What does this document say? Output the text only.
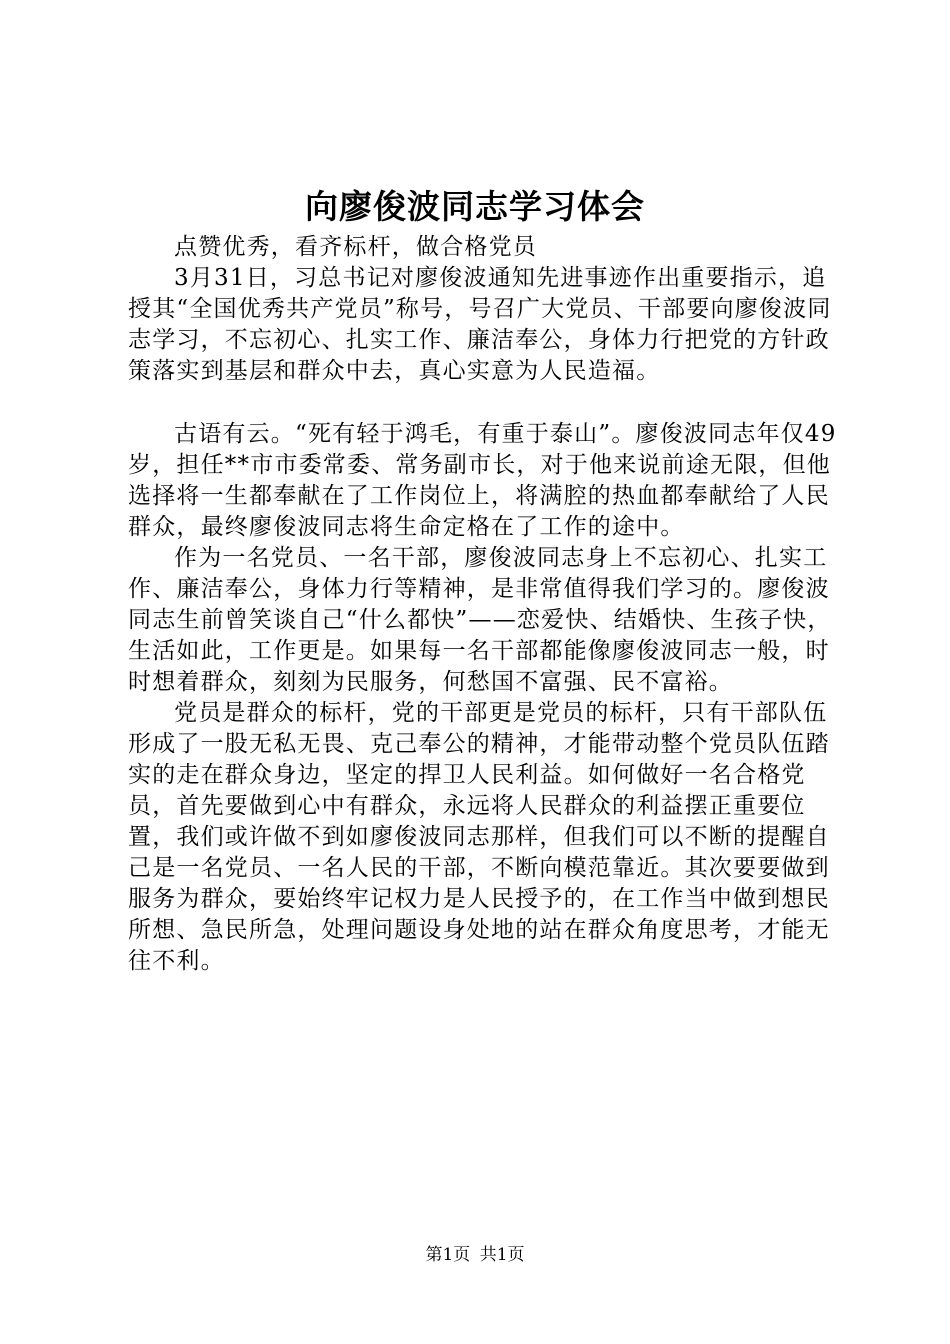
向廖俊波同志学习体会

点赞优秀，看齐标杆，做合格党员

3月31日，习总书记对廖俊波通知先进事迹作出重要指示，追授其“全国优秀共产党员”称号，号召广大党员、干部要向廖俊波同志学习，不忘初心、扎实工作、廉洁奉公，身体力行把党的方针政策落实到基层和群众中去，真心实意为人民造福。

古语有云。“死有轻于鸿毛，有重于泰山”。廖俊波同志年仅49岁，担任**市市委常委、常务副市长，对于他来说前途无限，但他选择将一生都奉献在了工作岗位上，将满腔的热血都奉献给了人民群众，最终廖俊波同志将生命定格在了工作的途中。

作为一名党员、一名干部，廖俊波同志身上不忘初心、扎实工作、廉洁奉公，身体力行等精神，是非常值得我们学习的。廖俊波同志生前曾笑谈自己“什么都快”——恋爱快、结婚快、生孩子快，生活如此，工作更是。如果每一名干部都能像廖俊波同志一般，时时想着群众，刻刻为民服务，何愁国不富强、民不富裕。

党员是群众的标杆，党的干部更是党员的标杆，只有干部队伍形成了一股无私无畏、克己奉公的精神，才能带动整个党员队伍踏实的走在群众身边，坚定的捍卫人民利益。如何做好一名合格党员，首先要做到心中有群众，永远将人民群众的利益摆正重要位置，我们或许做不到如廖俊波同志那样，但我们可以不断的提醒自己是一名党员、一名人民的干部，不断向模范靠近。其次要要做到服务为群众，要始终牢记权力是人民授予的，在工作当中做到想民所想、急民所急，处理问题设身处地的站在群众角度思考，才能无往不利。

第1页 共1页
